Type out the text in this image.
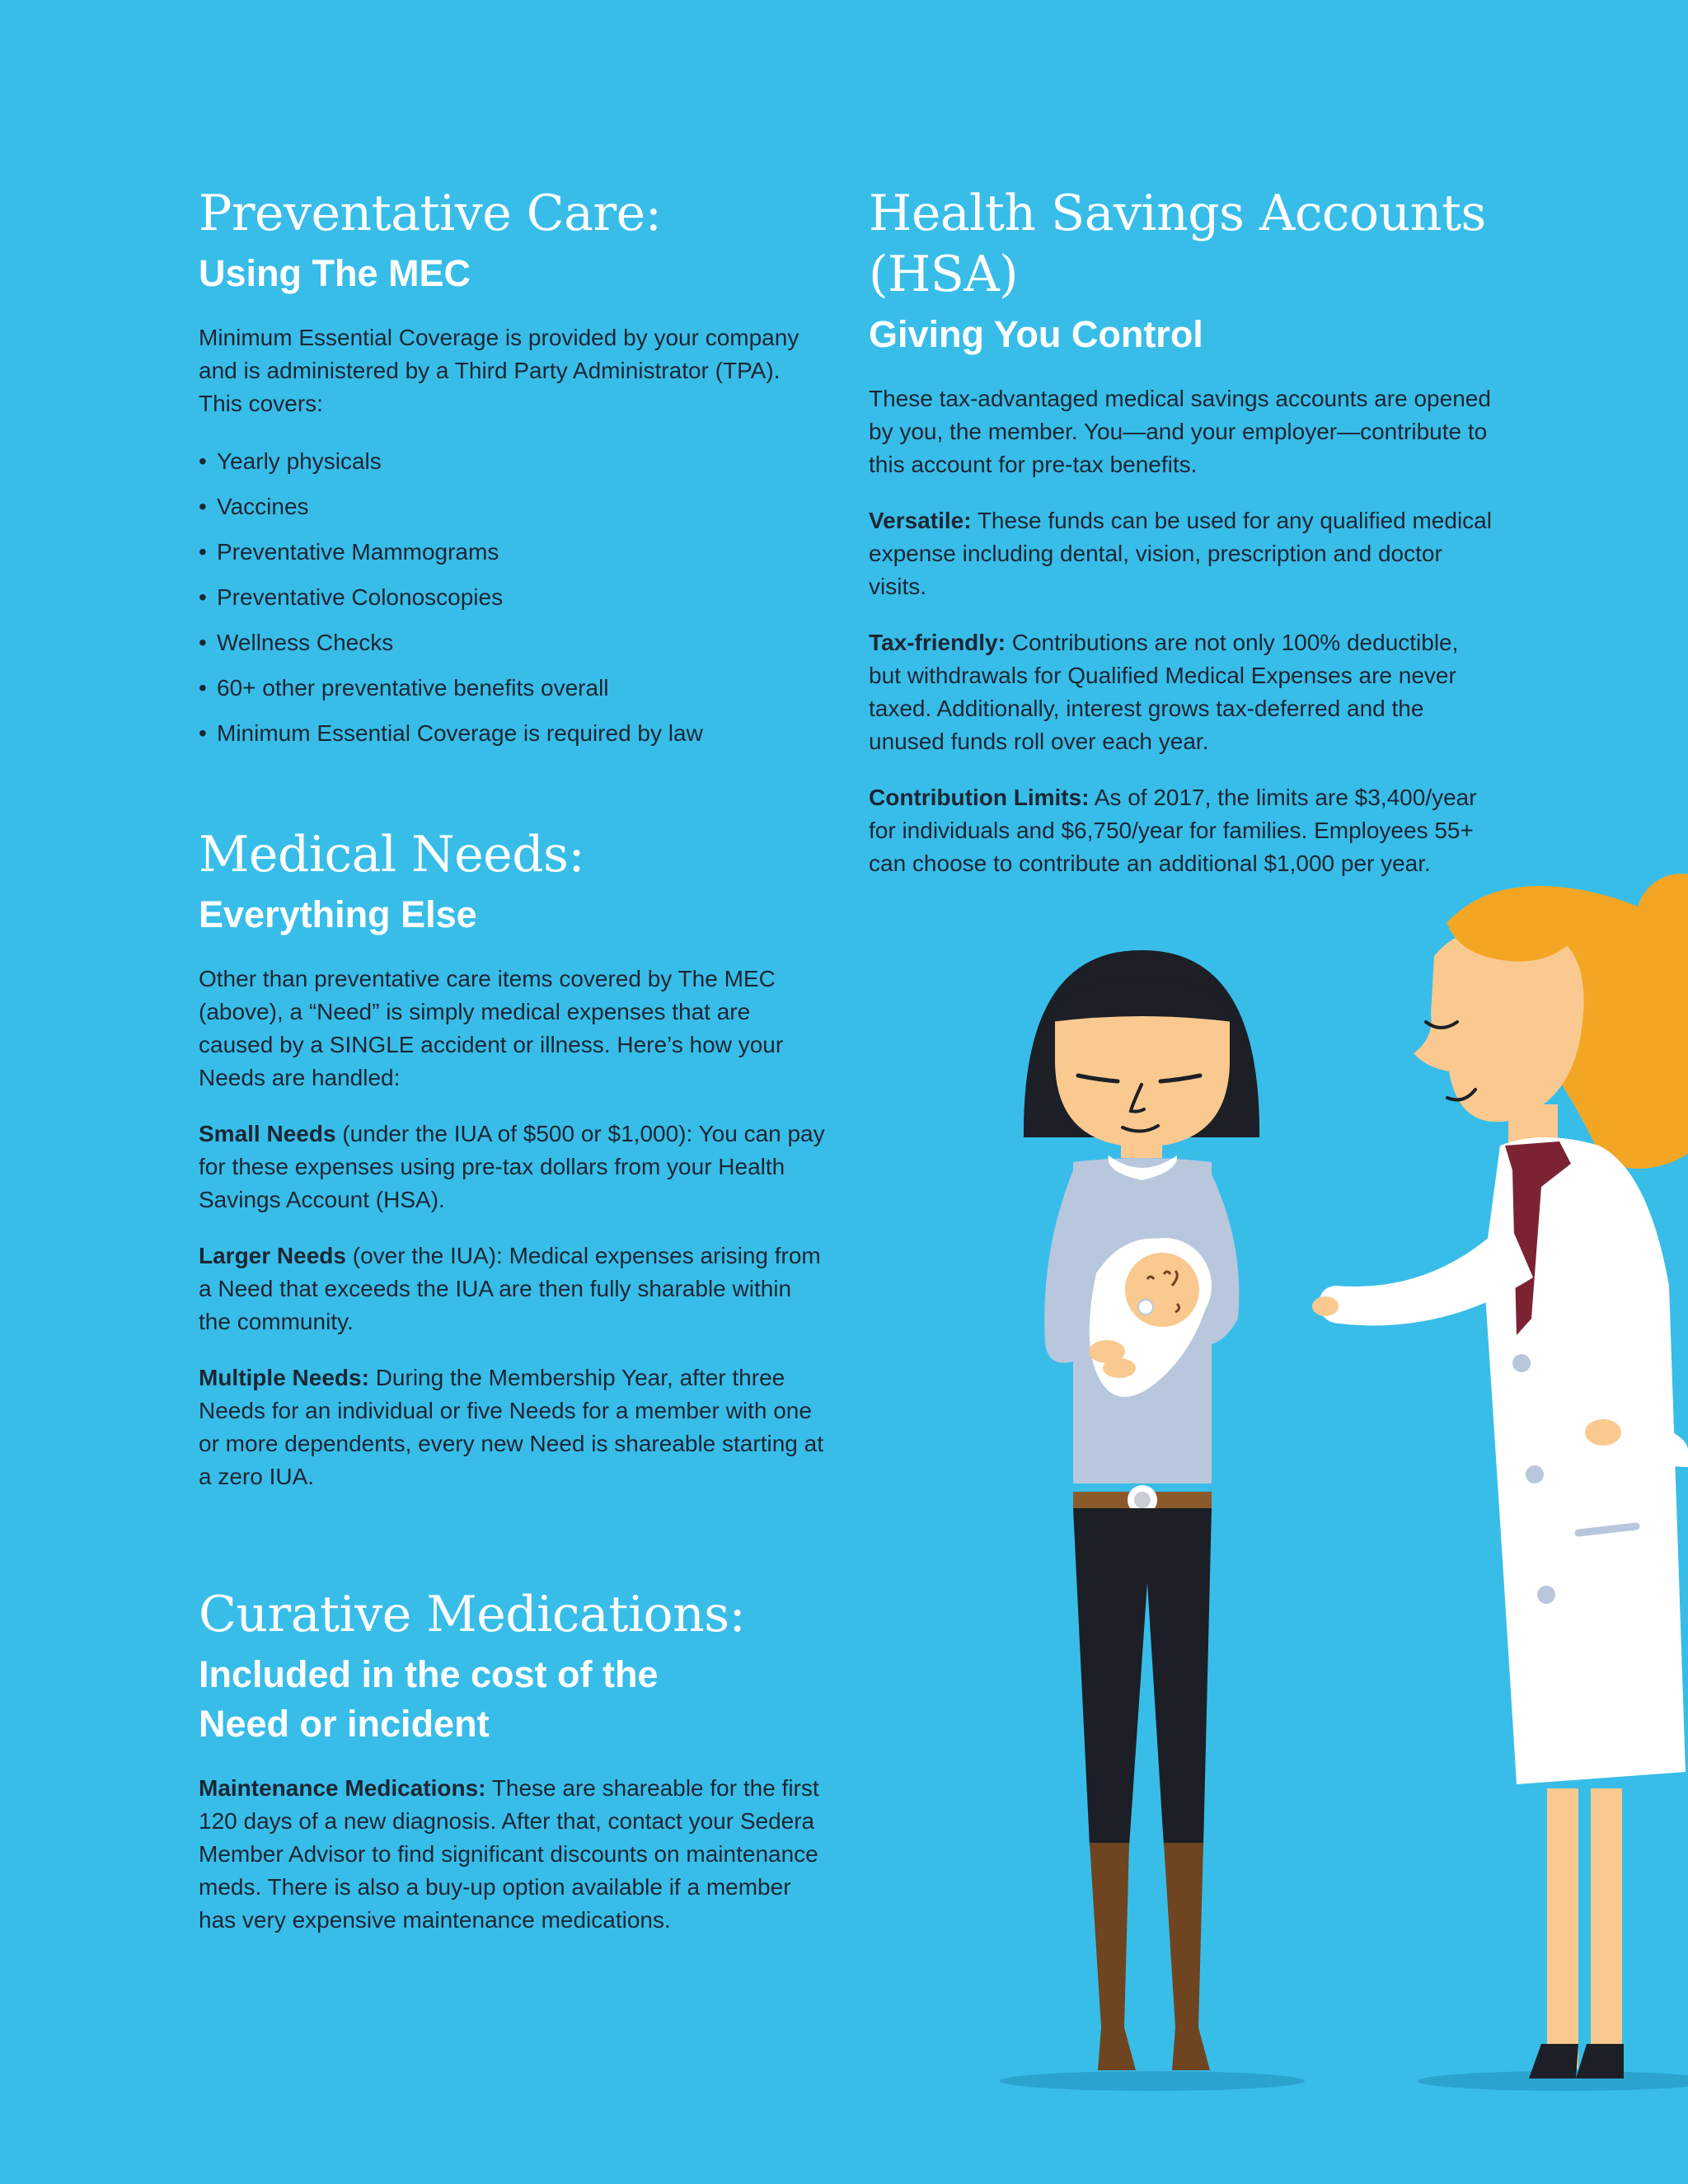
Preventative Care:
Using The MEC

Minimum Essential Coverage is provided by your company and is administered by a Third Party Administrator (TPA). This covers:

• Yearly physicals
• Vaccines
• Preventative Mammograms
• Preventative Colonoscopies
• Wellness Checks
• 60+ other preventative benefits overall
• Minimum Essential Coverage is required by law
Medical Needs:
Everything Else

Other than preventative care items covered by The MEC (above), a “Need” is simply medical expenses that are caused by a SINGLE accident or illness. Here’s how your Needs are handled:

Small Needs (under the IUA of $500 or $1,000): You can pay for these expenses using pre-tax dollars from your Health Savings Account (HSA).

Larger Needs (over the IUA): Medical expenses arising from a Need that exceeds the IUA are then fully sharable within the community.

Multiple Needs: During the Membership Year, after three Needs for an individual or five Needs for a member with one or more dependents, every new Need is shareable starting at a zero IUA.

Curative Medications:
Included in the cost of the
Need or incident

Maintenance Medications: These are shareable for the first 120 days of a new diagnosis. After that, contact your Sedera Member Advisor to find significant discounts on maintenance meds. There is also a buy-up option available if a member has very expensive maintenance medications.

Health Savings Accounts
(HSA)
Giving You Control

These tax-advantaged medical savings accounts are opened by you, the member. You—and your employer—contribute to this account for pre-tax benefits.

Versatile: These funds can be used for any qualified medical expense including dental, vision, prescription and doctor visits.

Tax-friendly: Contributions are not only 100% deductible, but withdrawals for Qualified Medical Expenses are never taxed. Additionally, interest grows tax-deferred and the unused funds roll over each year.

Contribution Limits: As of 2017, the limits are $3,400/year for individuals and $6,750/year for families. Employees 55+ can choose to contribute an additional $1,000 per year.
